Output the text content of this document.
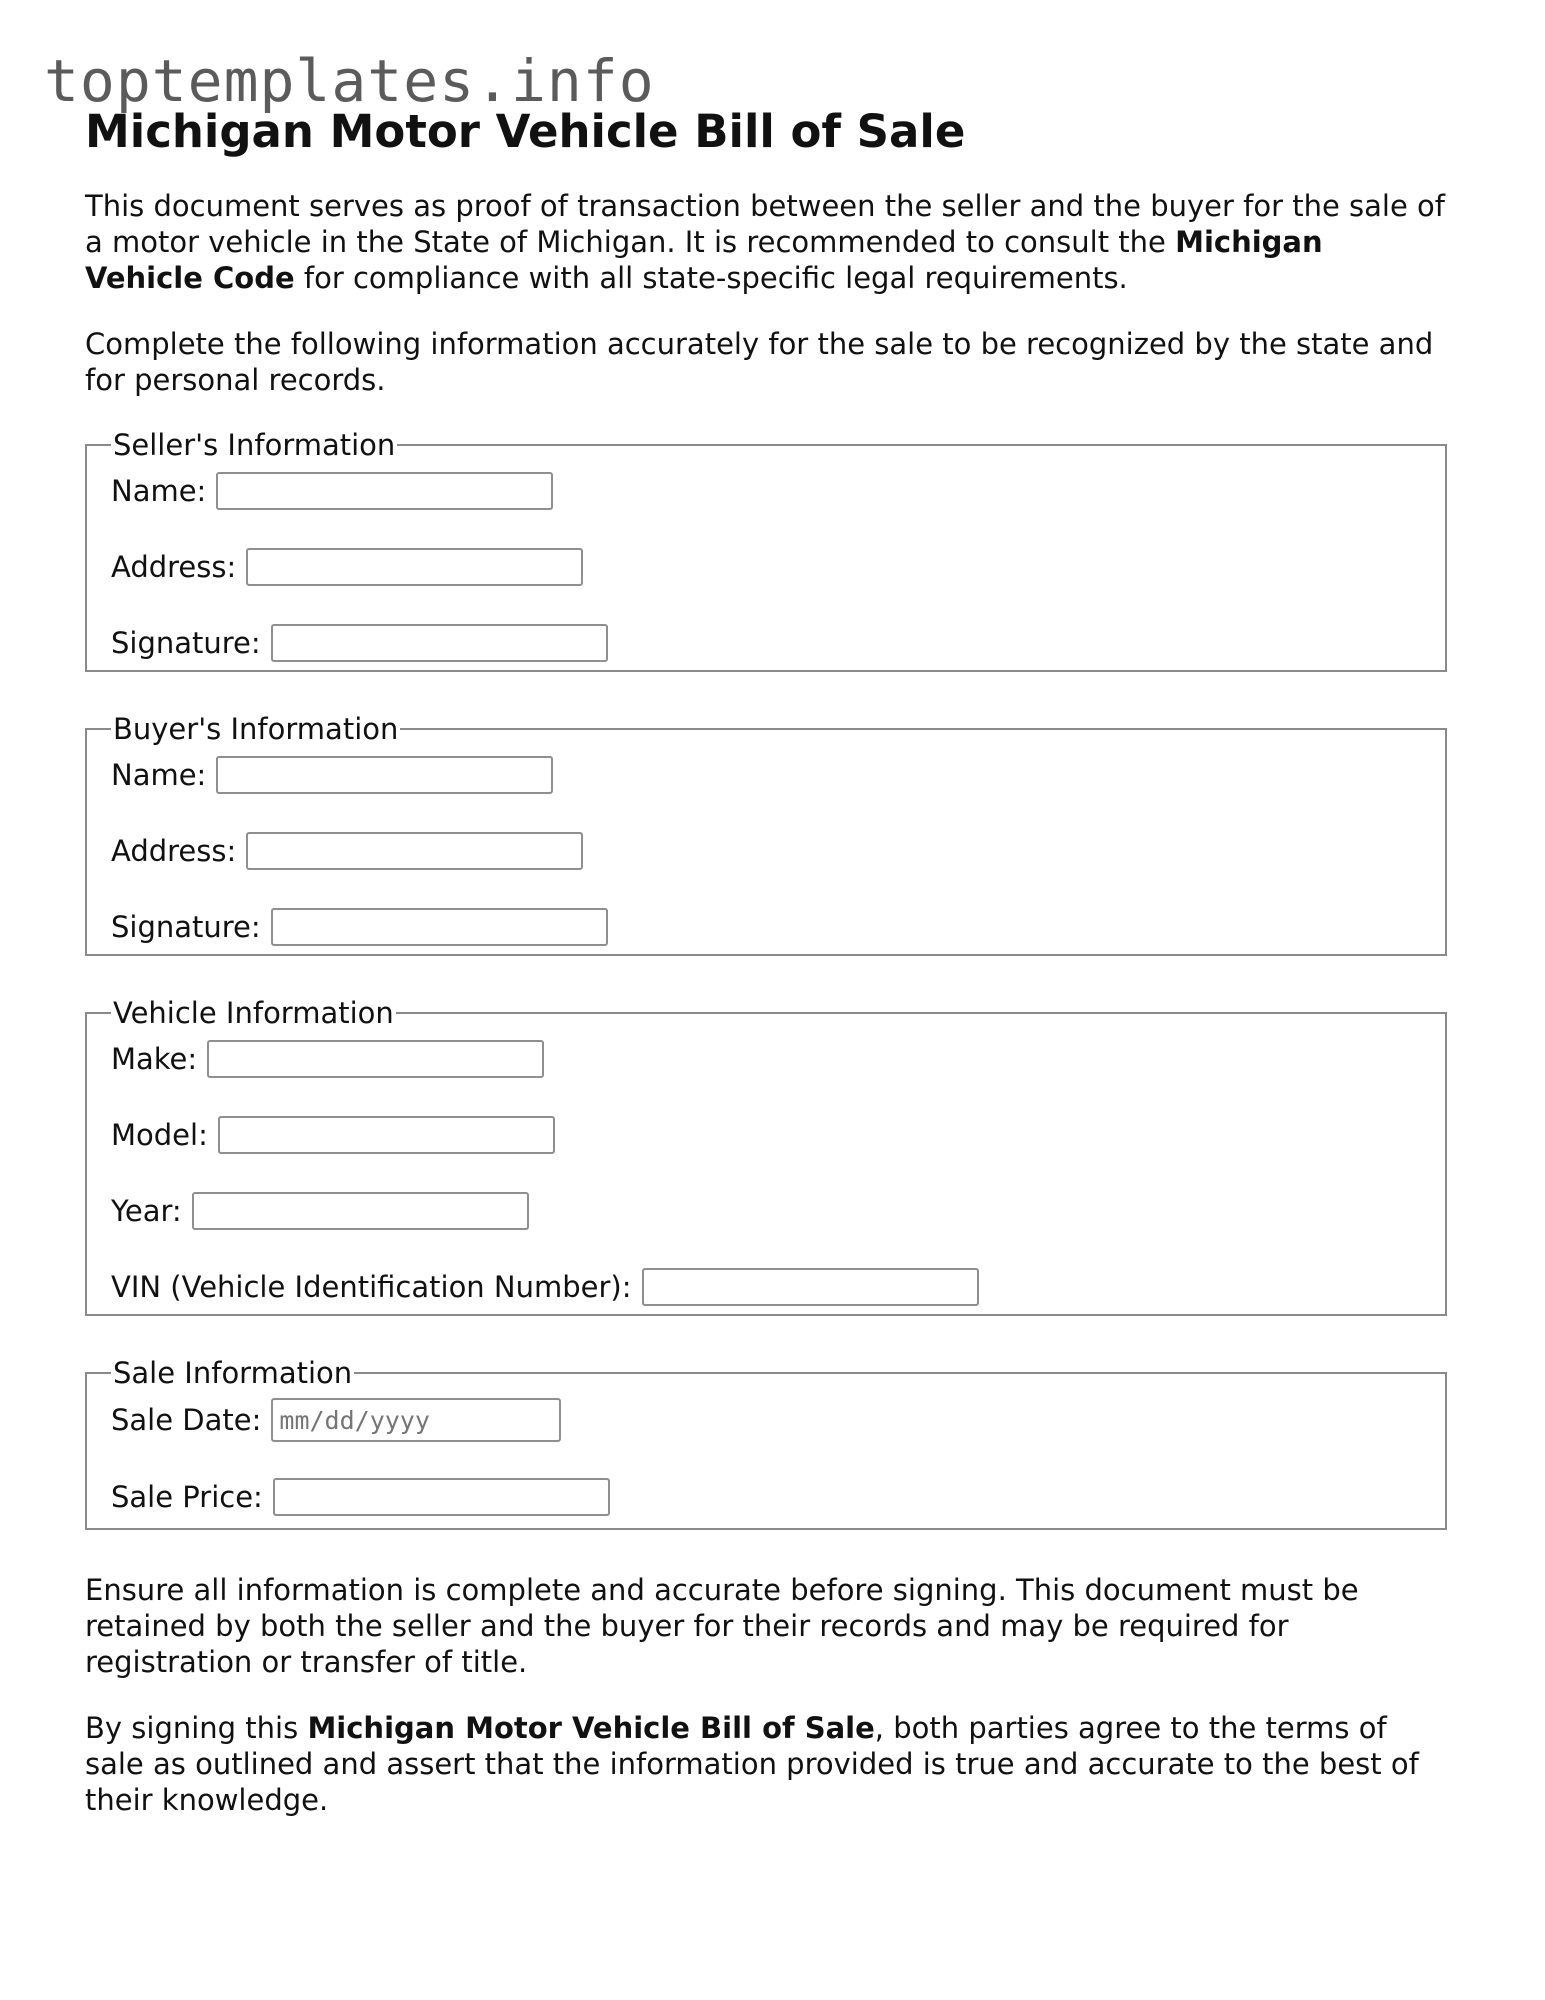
toptemplates.info
Michigan Motor Vehicle Bill of Sale

This document serves as proof of transaction between the seller and the buyer for the sale of a motor vehicle in the State of Michigan. It is recommended to consult the Michigan Vehicle Code for compliance with all state-specific legal requirements.

Complete the following information accurately for the sale to be recognized by the state and for personal records.

Seller's Information
Name:
Address:
Signature:
Buyer's Information
Name:
Address:
Signature:
Vehicle Information
Make:
Model:
Year:
VIN (Vehicle Identification Number):
Sale Information
Sale Date:
mm/dd/yyyy
Sale Price:

Ensure all information is complete and accurate before signing. This document must be retained by both the seller and the buyer for their records and may be required for registration or transfer of title.

By signing this Michigan Motor Vehicle Bill of Sale, both parties agree to the terms of sale as outlined and assert that the information provided is true and accurate to the best of their knowledge.
